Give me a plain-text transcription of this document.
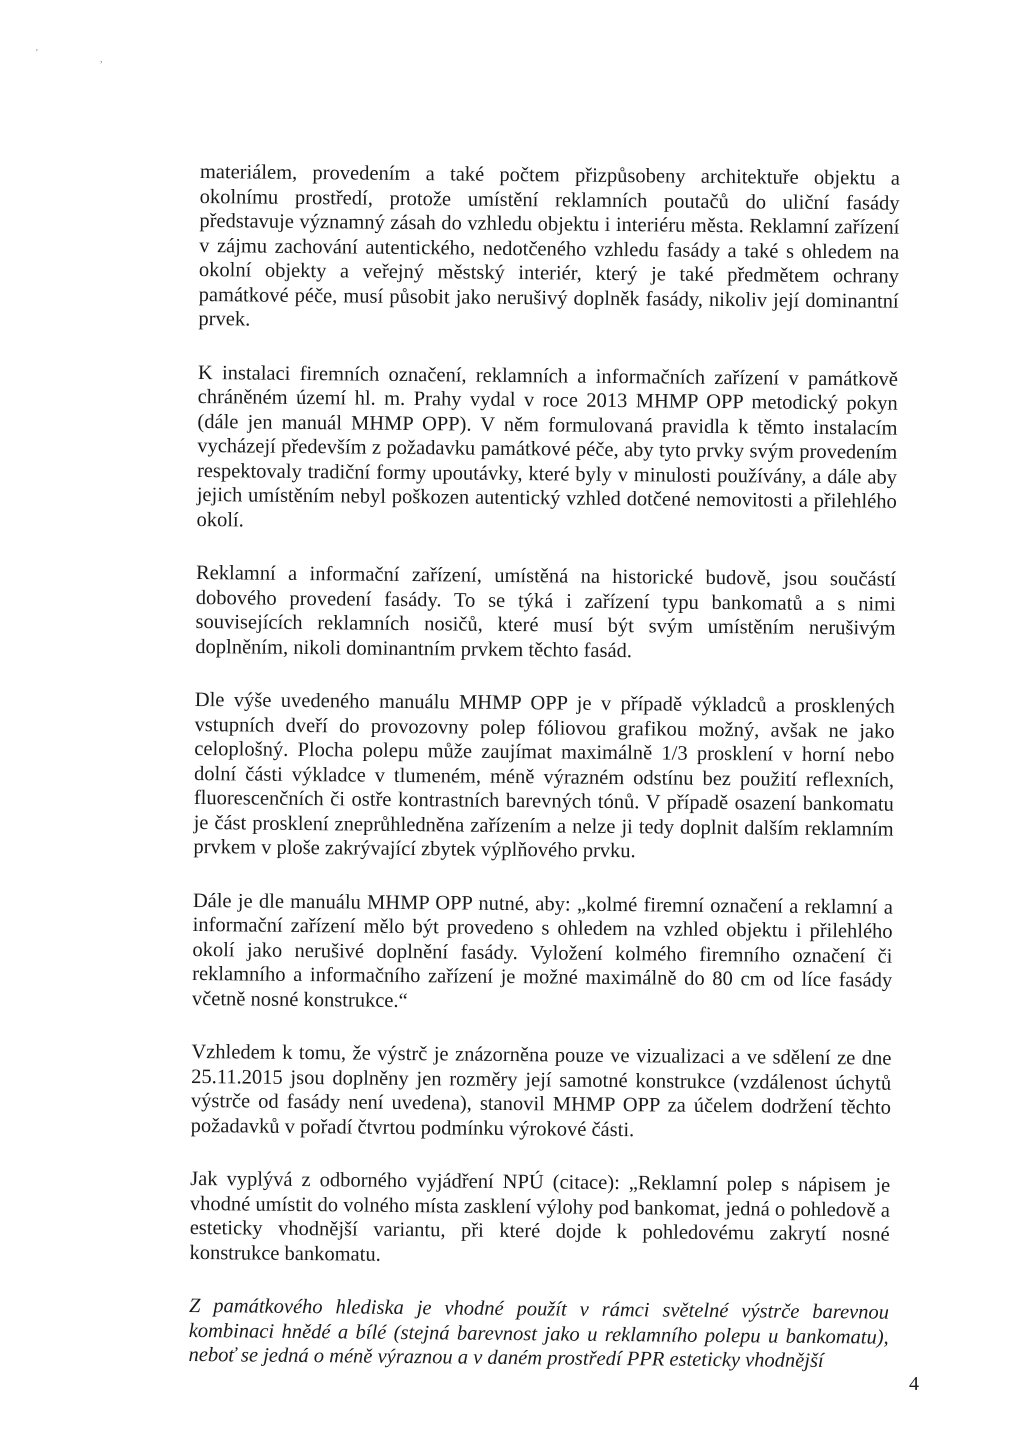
'
,

materiálem, provedením a také počtem přizpůsobeny architektuře objektu a okolnímu prostředí, protože umístění reklamních poutačů do uliční fasády představuje významný zásah do vzhledu objektu i interiéru města. Reklamní zařízení v zájmu zachování autentického, nedotčeného vzhledu fasády a také s ohledem na okolní objekty a veřejný městský interiér, který je také předmětem ochrany památkové péče, musí působit jako nerušivý doplněk fasády, nikoliv její dominantní prvek.

K instalaci firemních označení, reklamních a informačních zařízení v památkově chráněném území hl. m. Prahy vydal v roce 2013 MHMP OPP metodický pokyn (dále jen manuál MHMP OPP). V něm formulovaná pravidla k těmto instalacím vycházejí především z požadavku památkové péče, aby tyto prvky svým provedením respektovaly tradiční formy upoutávky, které byly v minulosti používány, a dále aby jejich umístěním nebyl poškozen autentický vzhled dotčené nemovitosti a přilehlého okolí.

Reklamní a informační zařízení, umístěná na historické budově, jsou součástí dobového provedení fasády. To se týká i zařízení typu bankomatů a s nimi souvisejících reklamních nosičů, které musí být svým umístěním nerušivým doplněním, nikoli dominantním prvkem těchto fasád.

Dle výše uvedeného manuálu MHMP OPP je v případě výkladců a prosklených vstupních dveří do provozovny polep fóliovou grafikou možný, avšak ne jako celoplošný. Plocha polepu může zaujímat maximálně 1/3 prosklení v horní nebo dolní části výkladce v tlumeném, méně výrazném odstínu bez použití reflexních, fluorescenčních či ostře kontrastních barevných tónů. V případě osazení bankomatu je část prosklení zneprůhledněna zařízením a nelze ji tedy doplnit dalším reklamním prvkem v ploše zakrývající zbytek výplňového prvku.

Dále je dle manuálu MHMP OPP nutné, aby: „kolmé firemní označení a reklamní a informační zařízení mělo být provedeno s ohledem na vzhled objektu i přilehlého okolí jako nerušivé doplnění fasády. Vyložení kolmého firemního označení či reklamního a informačního zařízení je možné maximálně do 80 cm od líce fasády včetně nosné konstrukce.“

Vzhledem k tomu, že výstrč je znázorněna pouze ve vizualizaci a ve sdělení ze dne 25.11.2015 jsou doplněny jen rozměry její samotné konstrukce (vzdálenost úchytů výstrče od fasády není uvedena), stanovil MHMP OPP za účelem dodržení těchto požadavků v pořadí čtvrtou podmínku výrokové části.

Jak vyplývá z odborného vyjádření NPÚ (citace): „Reklamní polep s nápisem je vhodné umístit do volného místa zasklení výlohy pod bankomat, jedná o pohledově a esteticky vhodnější variantu, při které dojde k pohledovému zakrytí nosné konstrukce bankomatu.

Z památkového hlediska je vhodné použít v rámci světelné výstrče barevnou kombinaci hnědé a bílé (stejná barevnost jako u reklamního polepu u bankomatu), neboť se jedná o méně výraznou a v daném prostředí PPR esteticky vhodnější

4
